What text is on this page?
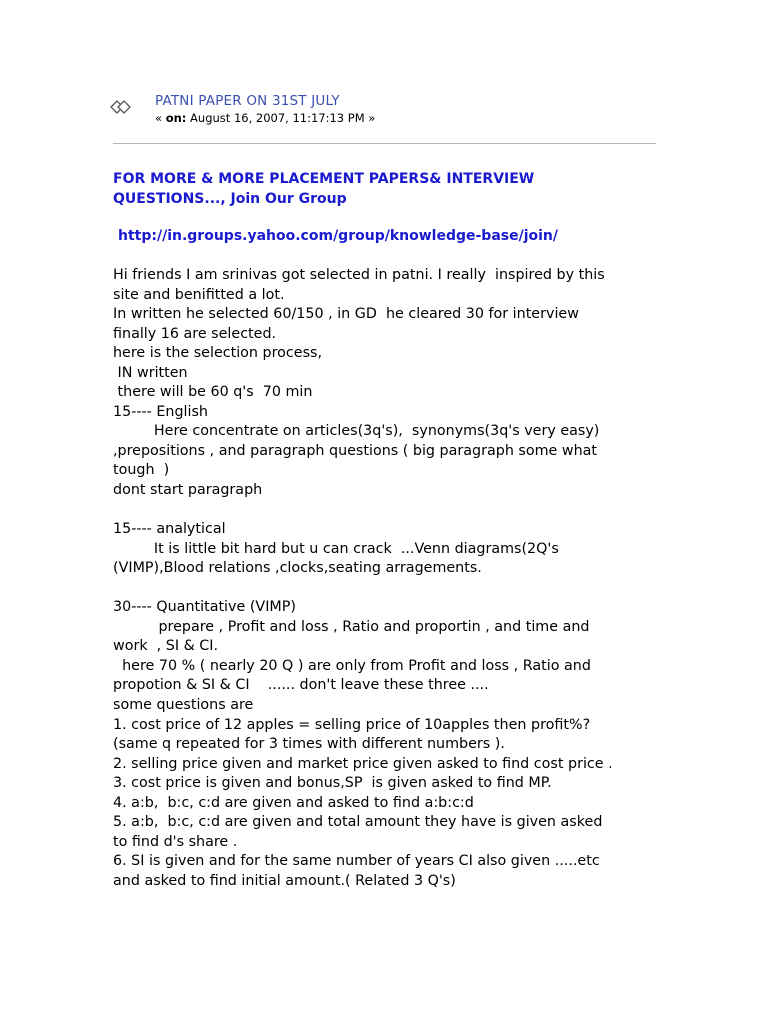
PATNI PAPER ON 31ST JULY
« on: August 16, 2007, 11:17:13 PM »
FOR MORE & MORE PLACEMENT PAPERS& INTERVIEW
QUESTIONS..., Join Our Group
http://in.groups.yahoo.com/group/knowledge-base/join/
Hi friends I am srinivas got selected in patni. I really  inspired by this
site and benifitted a lot.
In written he selected 60/150 , in GD  he cleared 30 for interview
finally 16 are selected.
here is the selection process,
IN written
there will be 60 q's  70 min
15---- English
Here concentrate on articles(3q's),  synonyms(3q's very easy)
,prepositions , and paragraph questions ( big paragraph some what
tough  )
dont start paragraph
15---- analytical
It is little bit hard but u can crack  ...Venn diagrams(2Q's
(VIMP),Blood relations ,clocks,seating arragements.
30---- Quantitative (VIMP)
prepare , Profit and loss , Ratio and proportin , and time and
work  , SI & CI.
here 70 % ( nearly 20 Q ) are only from Profit and loss , Ratio and
propotion & SI & CI    ...... don't leave these three ....
some questions are
1. cost price of 12 apples = selling price of 10apples then profit%?
(same q repeated for 3 times with different numbers ).
2. selling price given and market price given asked to find cost price .
3. cost price is given and bonus,SP  is given asked to find MP.
4. a:b,  b:c, c:d are given and asked to find a:b:c:d
5. a:b,  b:c, c:d are given and total amount they have is given asked
to find d's share .
6. SI is given and for the same number of years CI also given .....etc
and asked to find initial amount.( Related 3 Q's)
